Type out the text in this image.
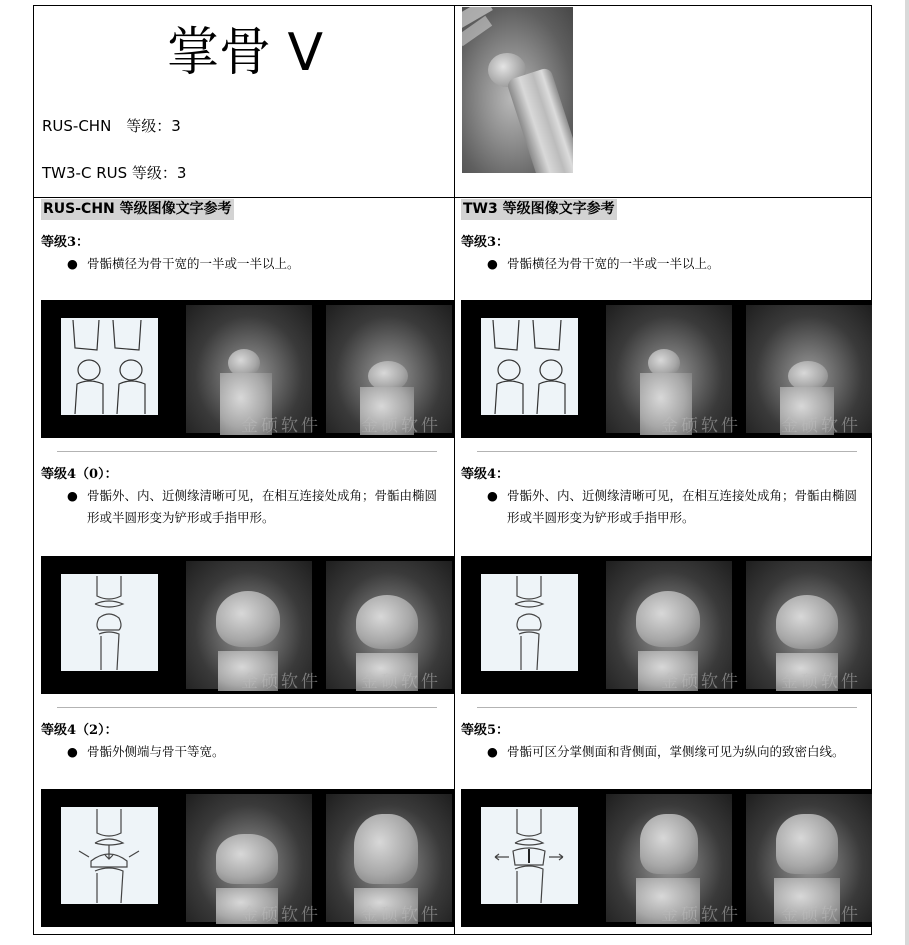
掌骨 V
RUS-CHN　等级：3
TW3-C RUS 等级：3
RUS-CHN 等级图像文字参考	TW3 等级图像文字参考
等级3：
● 骨骺横径为骨干宽的一半或一半以上。
金硕软件 金硕软件
等级4（0）：
● 骨骺外、内、近侧缘清晰可见，在相互连接处成角；骨骺由椭圆形或半圆形变为铲形或手指甲形。
金硕软件 金硕软件
等级4（2）：
● 骨骺外侧端与骨干等宽。
金硕软件 金硕软件
等级3：
● 骨骺横径为骨干宽的一半或一半以上。
金硕软件 金硕软件
等级4：
● 骨骺外、内、近侧缘清晰可见，在相互连接处成角；骨骺由椭圆形或半圆形变为铲形或手指甲形。
金硕软件 金硕软件
等级5：
● 骨骺可区分掌侧面和背侧面，掌侧缘可见为纵向的致密白线。
金硕软件 金硕软件
